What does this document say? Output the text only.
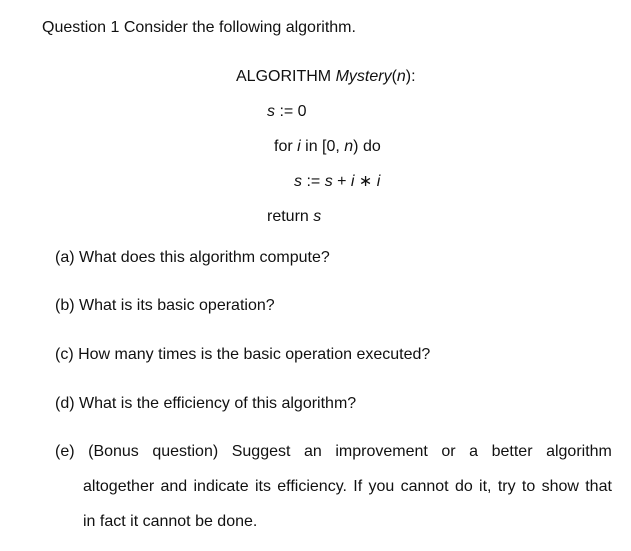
Question 1 Consider the following algorithm.
ALGORITHM Mystery(n):
s := 0
for i in [0, n) do
s := s + i ∗ i
return s
(a) What does this algorithm compute?
(b) What is its basic operation?
(c) How many times is the basic operation executed?
(d) What is the efficiency of this algorithm?
(e) (Bonus question) Suggest an improvement or a better algorithm
altogether and indicate its efficiency. If you cannot do it, try to show that
in fact it cannot be done.
